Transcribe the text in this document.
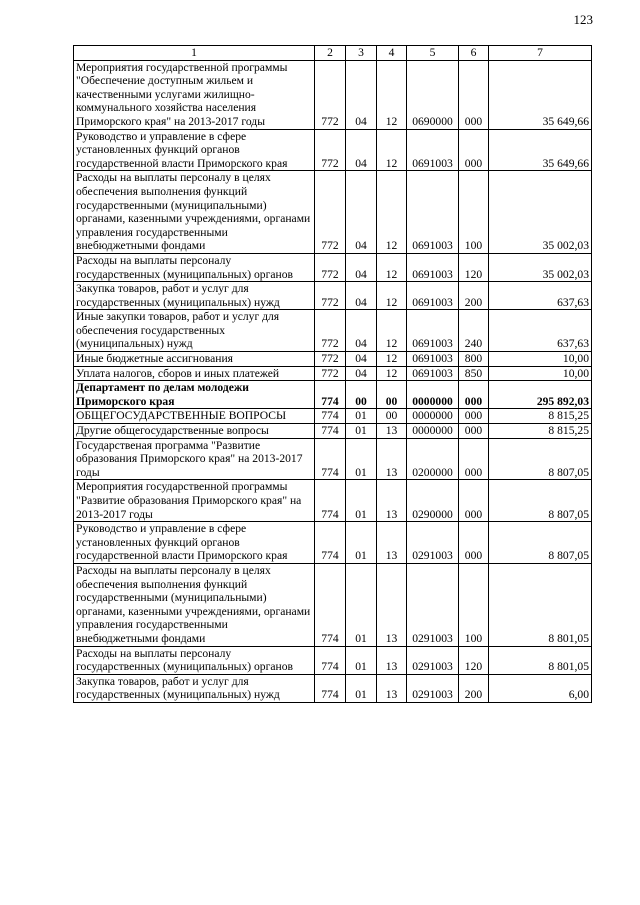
123
1	2	3	4	5	6	7
Мероприятия государственной программы "Обеспечение доступным жильем и качественными услугами жилищно-коммунального хозяйства населения Приморского края" на 2013-2017 годы	772	04	12	0690000	000	35 649,66
Руководство и управление в сфере установленных функций органов государственной власти Приморского края	772	04	12	0691003	000	35 649,66
Расходы на выплаты персоналу в целях обеспечения выполнения функций государственными (муниципальными) органами, казенными учреждениями, органами управления государственными внебюджетными фондами	772	04	12	0691003	100	35 002,03
Расходы на выплаты персоналу государственных (муниципальных) органов	772	04	12	0691003	120	35 002,03
Закупка товаров, работ и услуг для государственных (муниципальных) нужд	772	04	12	0691003	200	637,63
Иные закупки товаров, работ и услуг для обеспечения государственных (муниципальных) нужд	772	04	12	0691003	240	637,63
Иные бюджетные ассигнования	772	04	12	0691003	800	10,00
Уплата налогов, сборов и иных платежей	772	04	12	0691003	850	10,00
Департамент по делам молодежи Приморского края	774	00	00	0000000	000	295 892,03
ОБЩЕГОСУДАРСТВЕННЫЕ ВОПРОСЫ	774	01	00	0000000	000	8 815,25
Другие общегосударственные вопросы	774	01	13	0000000	000	8 815,25
Государственая программа "Развитие образования Приморского края" на 2013-2017 годы	774	01	13	0200000	000	8 807,05
Мероприятия государственной программы "Развитие образования Приморского края" на 2013-2017 годы	774	01	13	0290000	000	8 807,05
Руководство и управление в сфере установленных функций органов государственной власти Приморского края	774	01	13	0291003	000	8 807,05
Расходы на выплаты персоналу в целях обеспечения выполнения функций государственными (муниципальными) органами, казенными учреждениями, органами управления государственными внебюджетными фондами	774	01	13	0291003	100	8 801,05
Расходы на выплаты персоналу государственных (муниципальных) органов	774	01	13	0291003	120	8 801,05
Закупка товаров, работ и услуг для государственных (муниципальных) нужд	774	01	13	0291003	200	6,00
